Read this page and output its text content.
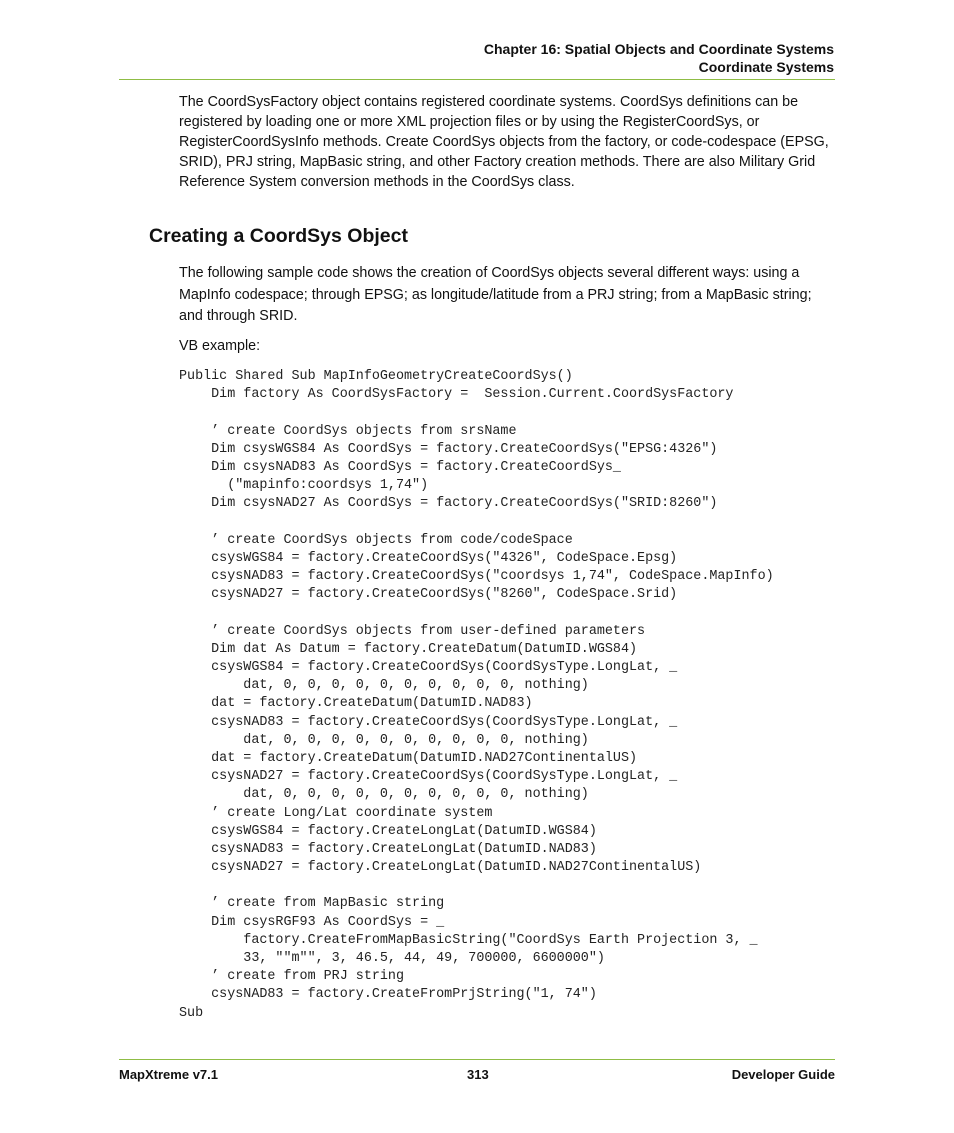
Chapter 16: Spatial Objects and Coordinate Systems
Coordinate Systems

The CoordSysFactory object contains registered coordinate systems. CoordSys definitions can be registered by loading one or more XML projection files or by using the RegisterCoordSys, or RegisterCoordSysInfo methods. Create CoordSys objects from the factory, or code-codespace (EPSG, SRID), PRJ string, MapBasic string, and other Factory creation methods. There are also Military Grid Reference System conversion methods in the CoordSys class.

Creating a CoordSys Object

The following sample code shows the creation of CoordSys objects several different ways: using a MapInfo codespace; through EPSG; as longitude/latitude from a PRJ string; from a MapBasic string; and through SRID.

VB example:

Public Shared Sub MapInfoGeometryCreateCoordSys()
Dim factory As CoordSysFactory =  Session.Current.CoordSysFactory
’ create CoordSys objects from srsName
Dim csysWGS84 As CoordSys = factory.CreateCoordSys("EPSG:4326")
Dim csysNAD83 As CoordSys = factory.CreateCoordSys_
("mapinfo:coordsys 1,74")
Dim csysNAD27 As CoordSys = factory.CreateCoordSys("SRID:8260")
’ create CoordSys objects from code/codeSpace
csysWGS84 = factory.CreateCoordSys("4326", CodeSpace.Epsg)
csysNAD83 = factory.CreateCoordSys("coordsys 1,74", CodeSpace.MapInfo)
csysNAD27 = factory.CreateCoordSys("8260", CodeSpace.Srid)
’ create CoordSys objects from user-defined parameters
Dim dat As Datum = factory.CreateDatum(DatumID.WGS84)
csysWGS84 = factory.CreateCoordSys(CoordSysType.LongLat, _
dat, 0, 0, 0, 0, 0, 0, 0, 0, 0, 0, nothing)
dat = factory.CreateDatum(DatumID.NAD83)
csysNAD83 = factory.CreateCoordSys(CoordSysType.LongLat, _
dat, 0, 0, 0, 0, 0, 0, 0, 0, 0, 0, nothing)
dat = factory.CreateDatum(DatumID.NAD27ContinentalUS)
csysNAD27 = factory.CreateCoordSys(CoordSysType.LongLat, _
dat, 0, 0, 0, 0, 0, 0, 0, 0, 0, 0, nothing)
’ create Long/Lat coordinate system
csysWGS84 = factory.CreateLongLat(DatumID.WGS84)
csysNAD83 = factory.CreateLongLat(DatumID.NAD83)
csysNAD27 = factory.CreateLongLat(DatumID.NAD27ContinentalUS)
’ create from MapBasic string
Dim csysRGF93 As CoordSys = _
factory.CreateFromMapBasicString("CoordSys Earth Projection 3, _
33, ""m"", 3, 46.5, 44, 49, 700000, 6600000")
’ create from PRJ string
csysNAD83 = factory.CreateFromPrjString("1, 74")
Sub
MapXtreme v7.1	313	Developer Guide
